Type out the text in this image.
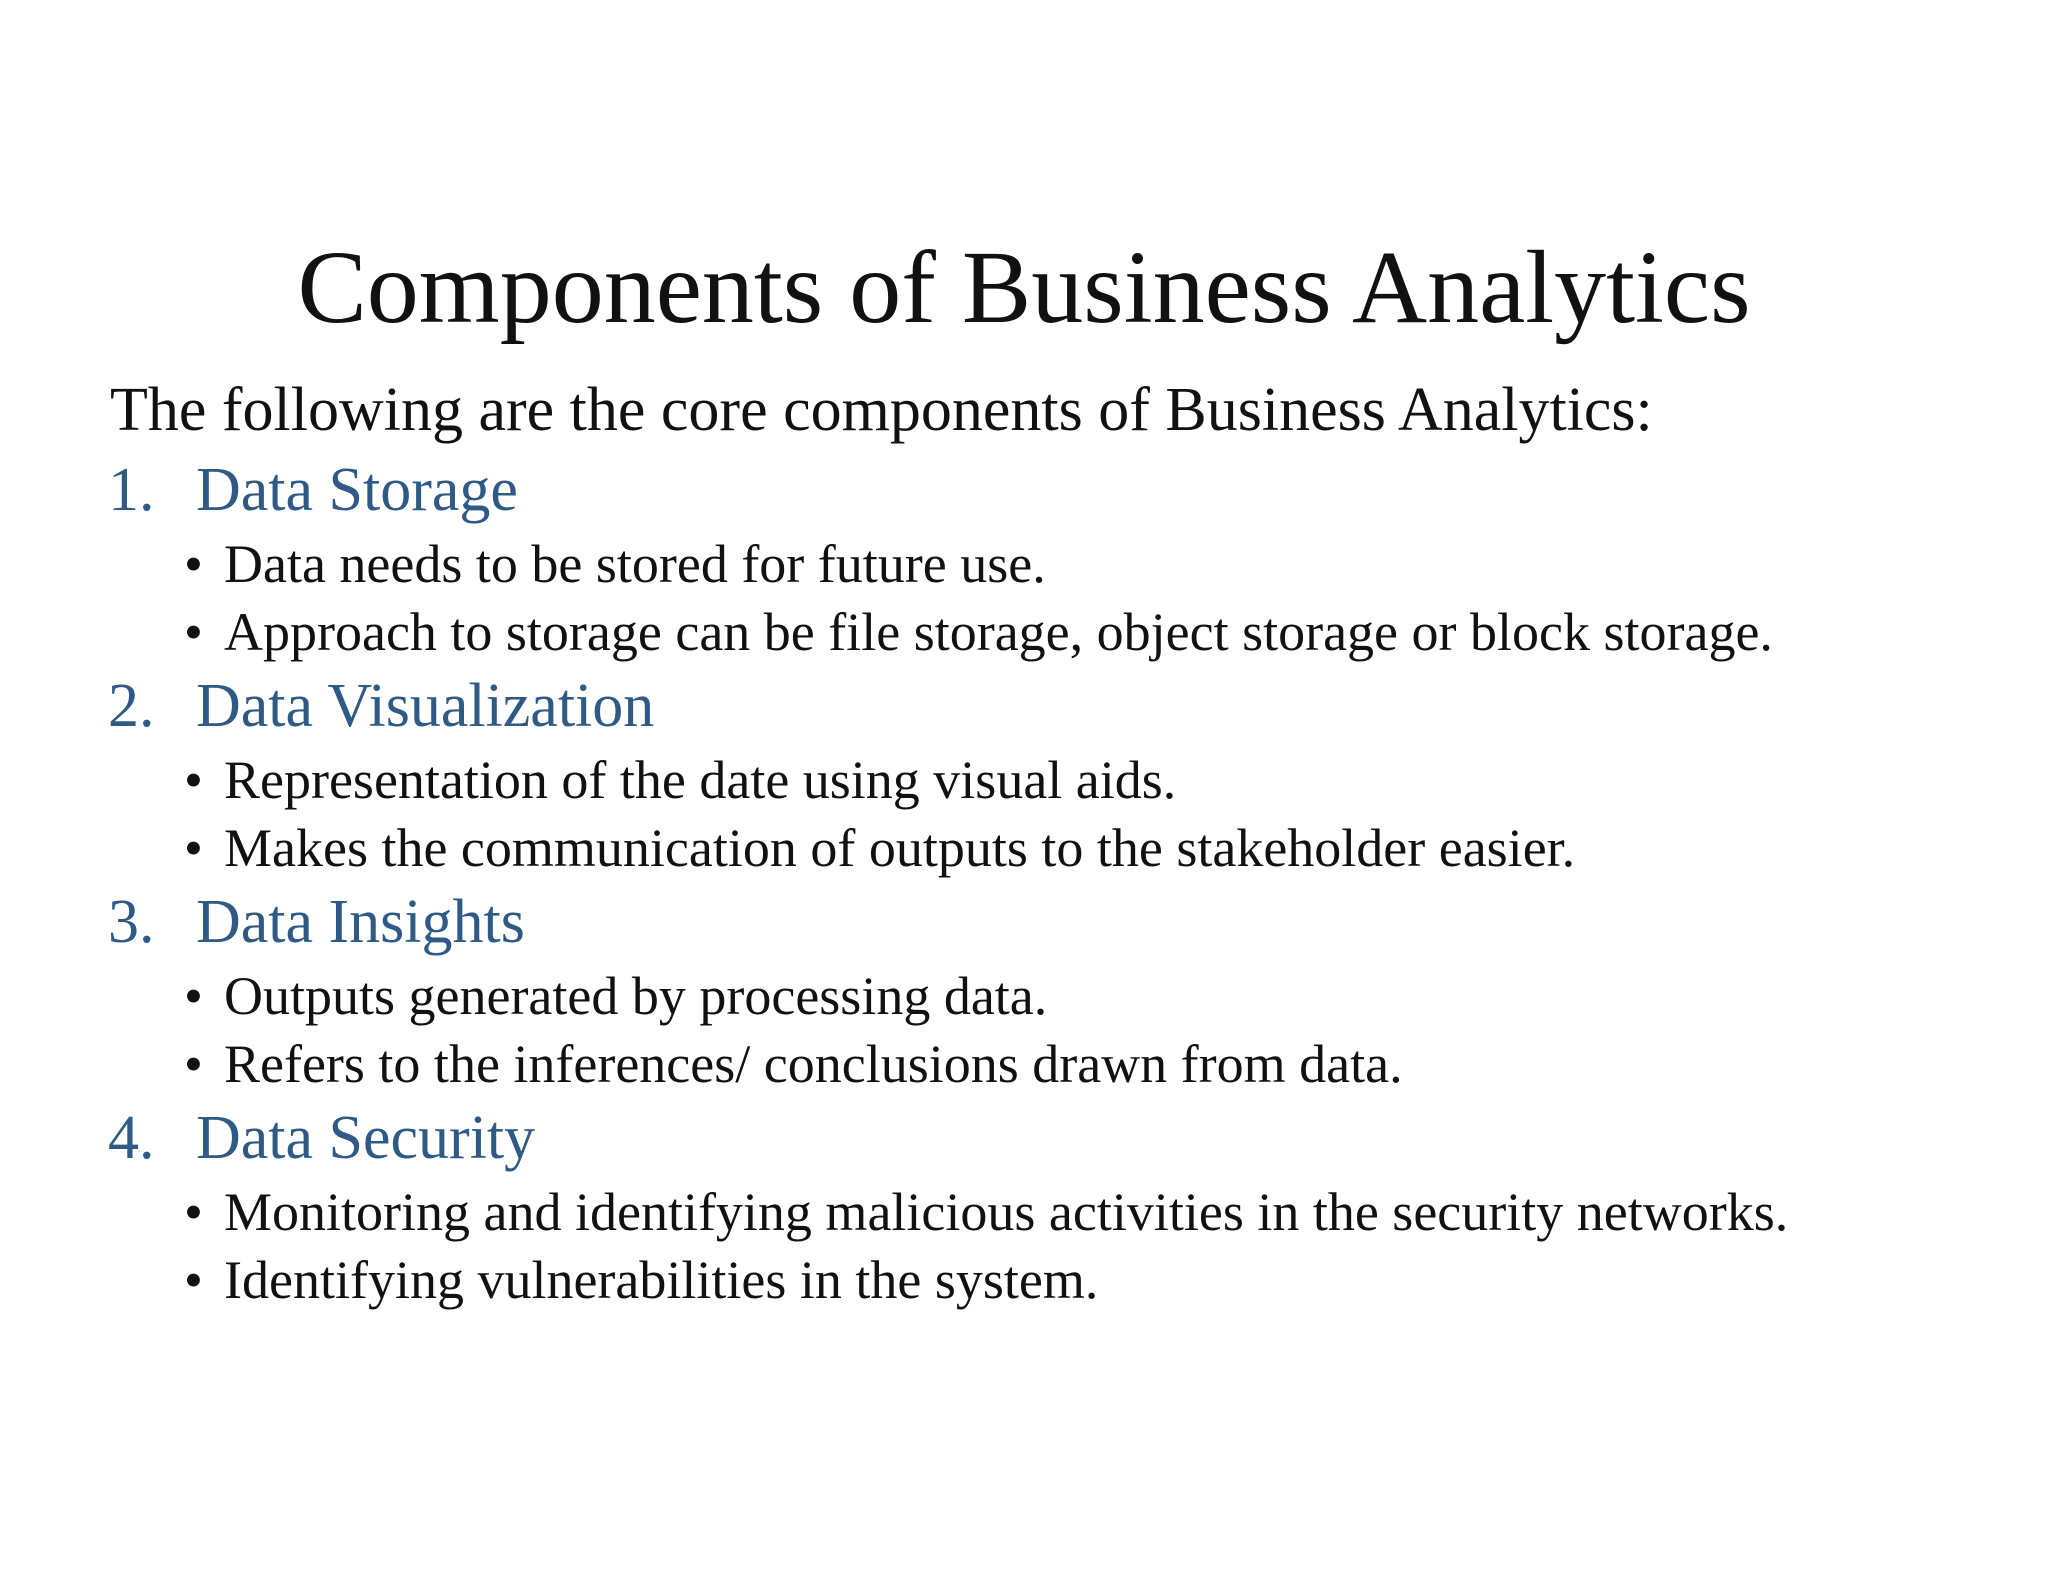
Components of Business Analytics

The following are the core components of Business Analytics:

1. Data Storage
• Data needs to be stored for future use.
• Approach to storage can be file storage, object storage or block storage.
2. Data Visualization
• Representation of the date using visual aids.
• Makes the communication of outputs to the stakeholder easier.
3. Data Insights
• Outputs generated by processing data.
• Refers to the inferences/ conclusions drawn from data.
4. Data Security
• Monitoring and identifying malicious activities in the security networks.
• Identifying vulnerabilities in the system.
